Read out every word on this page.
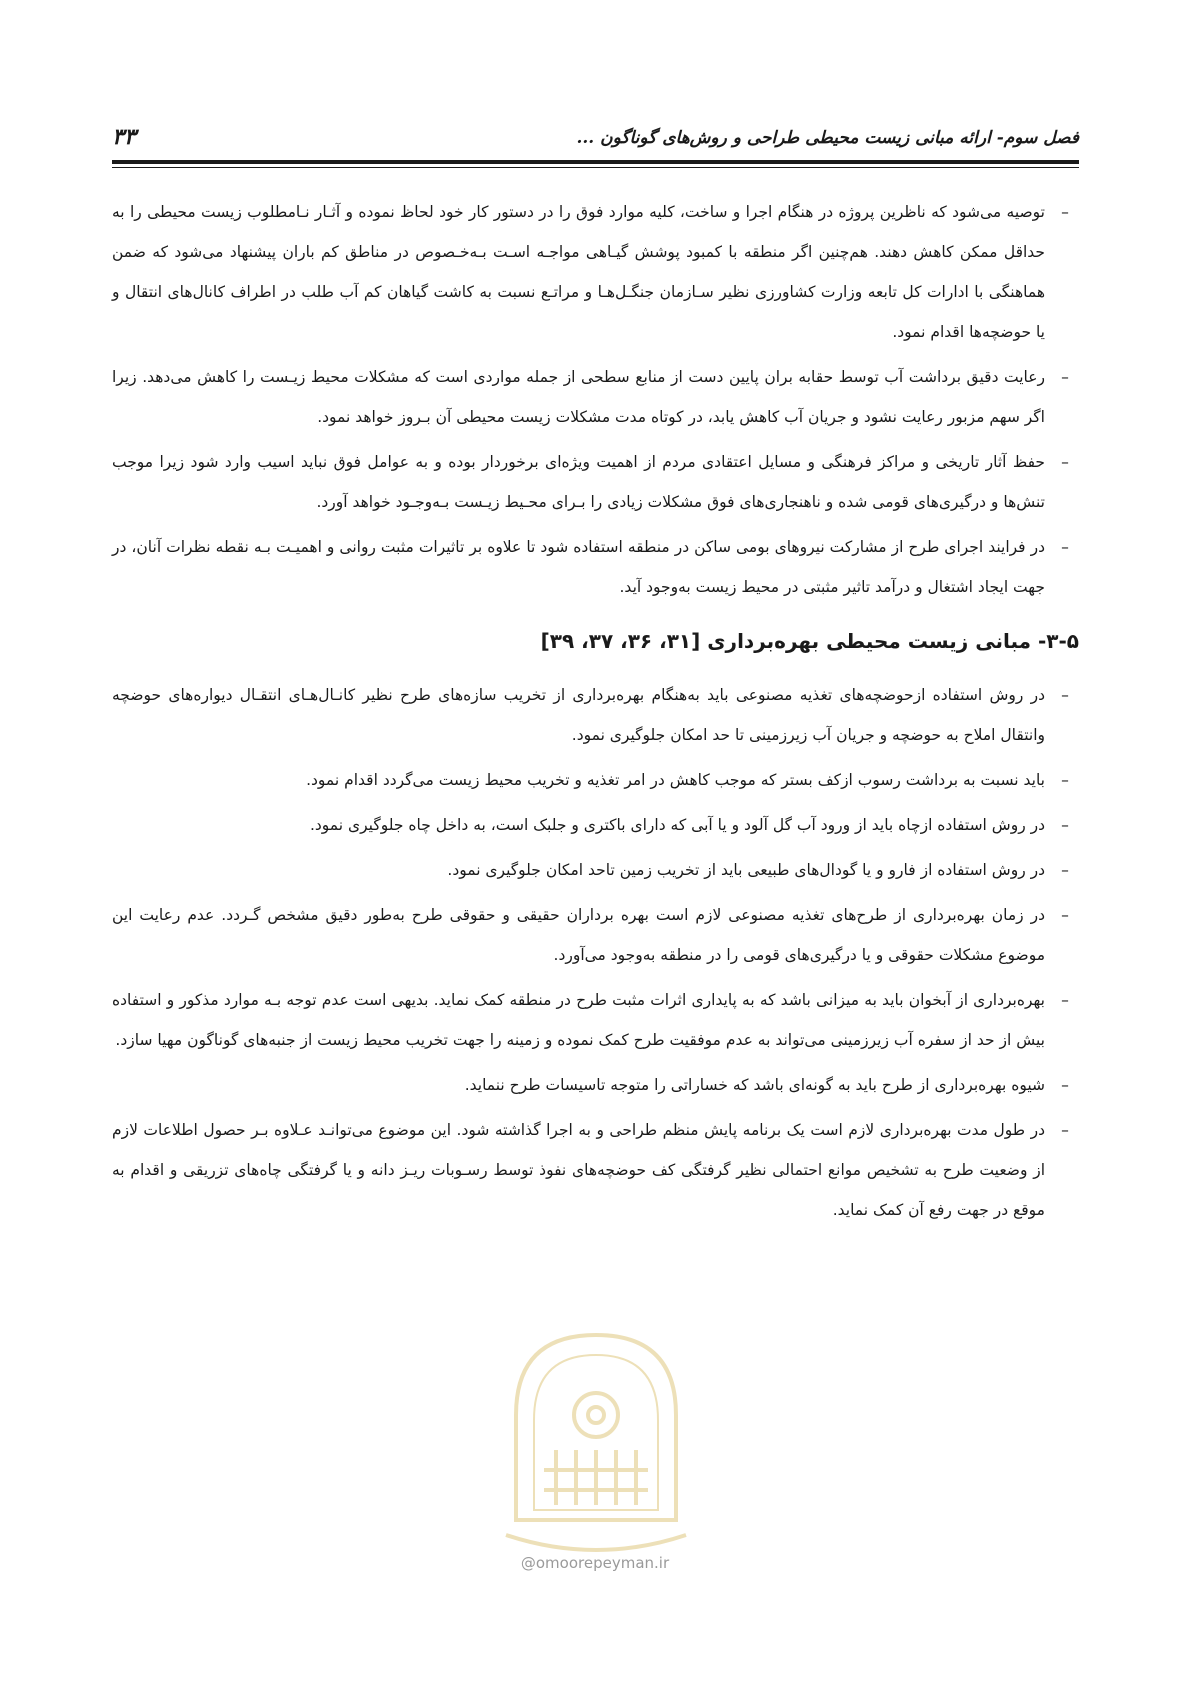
فصل سوم- ارائه مبانی زیست محیطی طراحی و روش‌های گوناگون ...
۳۳
–
توصیه می‌شود که ناظرین پروژه در هنگام اجرا و ساخت، کلیه موارد فوق را در دستور کار خود لحاظ نموده و آثـار نـامطلوب زیست محیطی را به حداقل ممکن کاهش دهند. هم‌چنین اگر منطقه با کمبود پوشش گیـاهی مواجـه اسـت بـه‌خـصوص در مناطق کم باران پیشنهاد می‌شود که ضمن هماهنگی با ادارات کل تابعه وزارت کشاورزی نظیر سـازمان جنگـل‌هـا و مراتـع نسبت به کاشت گیاهان کم آب طلب در اطراف کانال‌های انتقال و یا حوضچه‌ها اقدام نمود.
–
رعایت دقیق برداشت آب توسط حقابه بران پایین دست از منابع سطحی از جمله مواردی است که مشکلات محیط زیـست را کاهش می‌دهد. زیرا اگر سهم مزبور رعایت نشود و جریان آب کاهش یابد، در کوتاه مدت مشکلات زیست محیطی آن بـروز خواهد نمود.
–
حفظ آثار تاریخی و مراکز فرهنگی و مسایل اعتقادی مردم از اهمیت ویژه‌ای برخوردار بوده و به عوامل فوق نباید اسیب وارد شود زیرا موجب تنش‌ها و درگیری‌های قومی شده و ناهنجاری‌های فوق مشکلات زیادی را بـرای محـیط زیـست بـه‌وجـود خواهد آورد.
–
در فرایند اجرای طرح از مشارکت نیروهای بومی ساکن در منطقه استفاده شود تا علاوه بر تاثیرات مثبت روانی و اهمیـت بـه نقطه نظرات آنان، در جهت ایجاد اشتغال و درآمد تاثیر مثبتی در محیط زیست به‌وجود آید.
۳-۵- مبانی زیست محیطی بهره‌برداری [۳۱، ۳۶، ۳۷، ۳۹]
–
در روش استفاده ازحوضچه‌های تغذیه مصنوعی باید به‌هنگام بهره‌برداری از تخریب سازه‌های طرح نظیر کانـال‌هـای انتقـال دیواره‌های حوضچه وانتقال املاح به حوضچه و جریان آب زیرزمینی تا حد امکان جلوگیری نمود.
–
باید نسبت به برداشت رسوب ازکف بستر که موجب کاهش در امر تغذیه و تخریب محیط زیست می‌گردد اقدام نمود.
–
در روش استفاده ازچاه باید از ورود آب گل آلود و یا آبی که دارای باکتری و جلبک است، به داخل چاه جلوگیری نمود.
–
در روش استفاده از فارو و یا گودال‌های طبیعی باید از تخریب زمین تاحد امکان جلوگیری نمود.
–
در زمان بهره‌برداری از طرح‌های تغذیه مصنوعی لازم است بهره برداران حقیقی و حقوقی طرح به‌طور دقیق مشخص گـردد. عدم رعایت این موضوع مشکلات حقوقی و یا درگیری‌های قومی را در منطقه به‌وجود می‌آورد.
–
بهره‌برداری از آبخوان باید به میزانی باشد که به پایداری اثرات مثبت طرح در منطقه کمک نماید. بدیهی است عدم توجه بـه موارد مذکور و استفاده بیش از حد از سفره آب زیرزمینی می‌تواند به عدم موفقیت طرح کمک نموده و زمینه را جهت تخریب محیط زیست از جنبه‌های گوناگون مهیا سازد.
–
شیوه بهره‌برداری از طرح باید به گونه‌ای باشد که خساراتی را متوجه تاسیسات طرح ننماید.
–
در طول مدت بهره‌برداری لازم است یک برنامه پایش منظم طراحی و به اجرا گذاشته شود. این موضوع می‌توانـد عـلاوه بـر حصول اطلاعات لازم از وضعیت طرح به تشخیص موانع احتمالی نظیر گرفتگی کف حوضچه‌های نفوذ توسط رسـوبات ریـز دانه و یا گرفتگی چاه‌های تزریقی و اقدام به موقع در جهت رفع آن کمک نماید.
@omoorepeyman.ir
